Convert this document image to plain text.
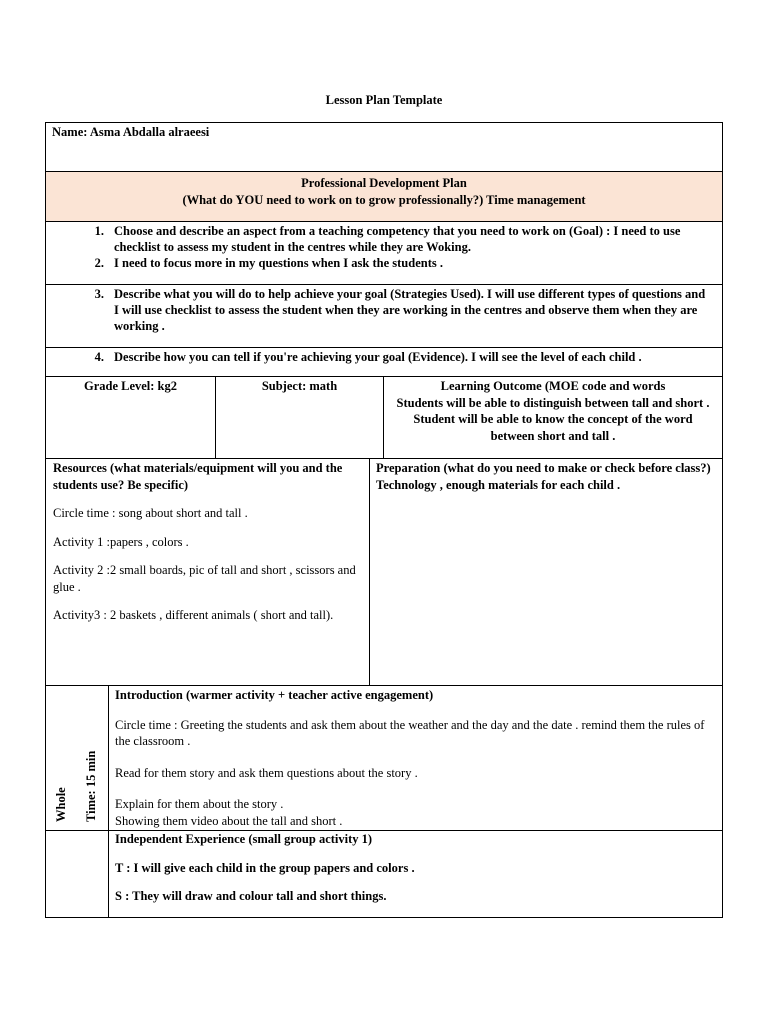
Lesson Plan Template
Name: Asma Abdalla alraeesi
Professional Development Plan
(What do YOU need to work on to grow professionally?) Time management
1. Choose and describe an aspect from a teaching competency that you need to work on (Goal) : I need to use checklist to assess my student in the centres while they are Woking.
2. I need to focus more in my questions when I ask the students .
3. Describe what you will do to help achieve your goal (Strategies Used). I will use different types of questions and I will use checklist to assess the student when they are working in the centres and observe them when they are working .
4. Describe how you can tell if you're achieving your goal (Evidence). I will see the level of each child .
Grade Level: kg2	Subject: math	Learning Outcome (MOE code and words
Students will be able to distinguish between tall and short .
Student will be able to know the concept of the word between short and tall .

Resources (what materials/equipment will you and the students use? Be specific)

Circle time : song about short and tall .

Activity 1 :papers , colors .

Activity 2 :2 small boards, pic of tall and short , scissors and glue .

Activity3 : 2 baskets , different animals ( short and tall).

Preparation (what do you need to make or check before class?) Technology , enough materials for each child .

Whole Time: 15 min

Introduction (warmer activity + teacher active engagement)

Circle time : Greeting the students and ask them about the weather and the day and the date . remind them the rules of the classroom .

Read for them story and ask them questions about the story .

Explain for them about the story .

Showing them video about the tall and short .

Independent Experience (small group activity 1)

T : I will give each child in the group papers and colors .

S : They will draw and colour tall and short things.
